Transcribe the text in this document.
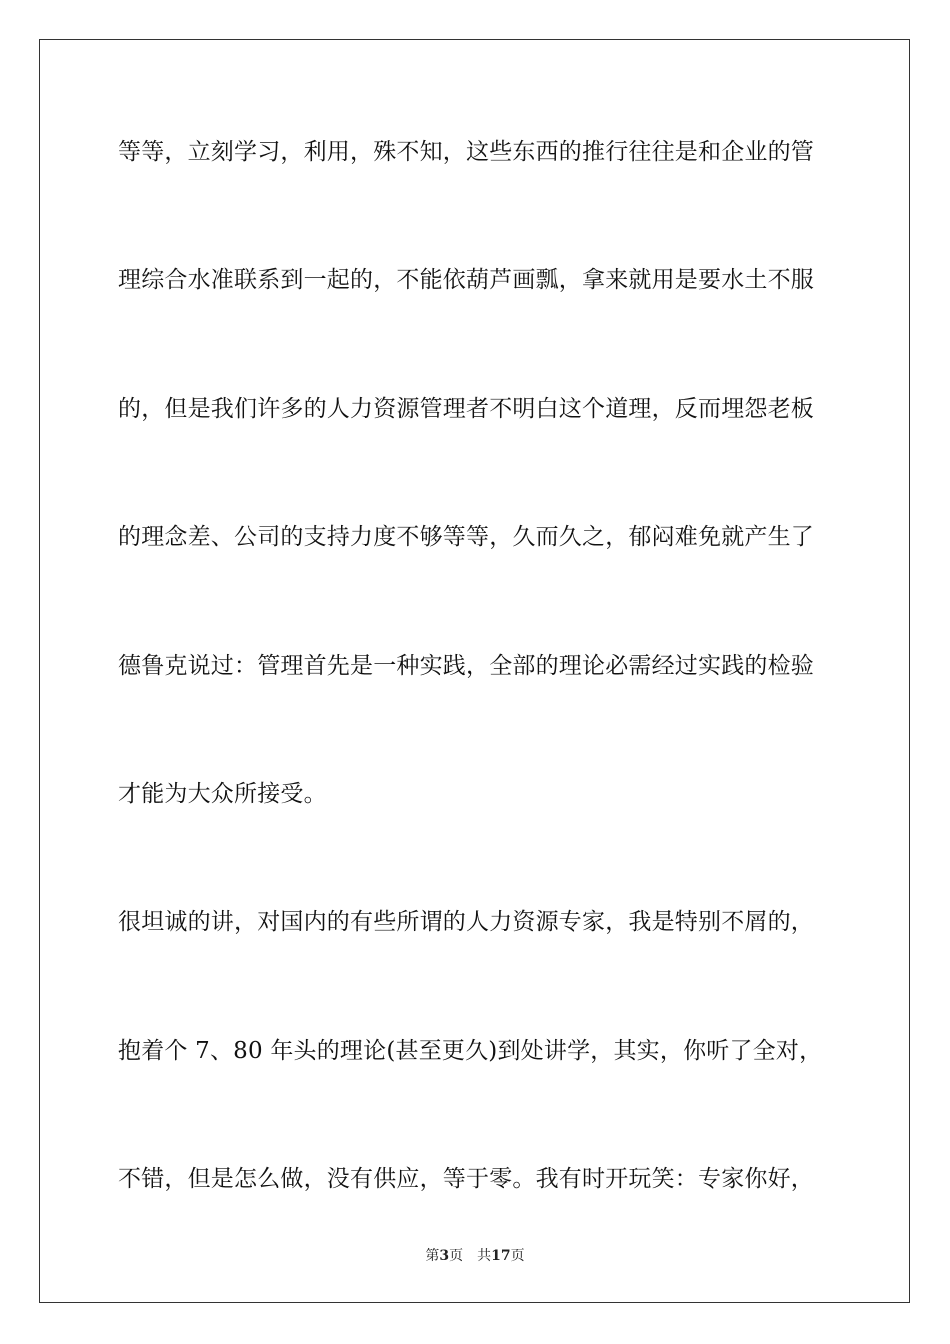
等等，立刻学习，利用，殊不知，这些东西的推行往往是和企业的管
理综合水准联系到一起的，不能依葫芦画瓢，拿来就用是要水土不服
的，但是我们许多的人力资源管理者不明白这个道理，反而埋怨老板
的理念差、公司的支持力度不够等等，久而久之，郁闷难免就产生了
德鲁克说过：管理首先是一种实践，全部的理论必需经过实践的检验
才能为大众所接受。
很坦诚的讲，对国内的有些所谓的人力资源专家，我是特别不屑的，
抱着个 7、80 年头的理论(甚至更久)到处讲学，其实，你听了全对，
不错，但是怎么做，没有供应，等于零。我有时开玩笑：专家你好，
第3页 共17页
